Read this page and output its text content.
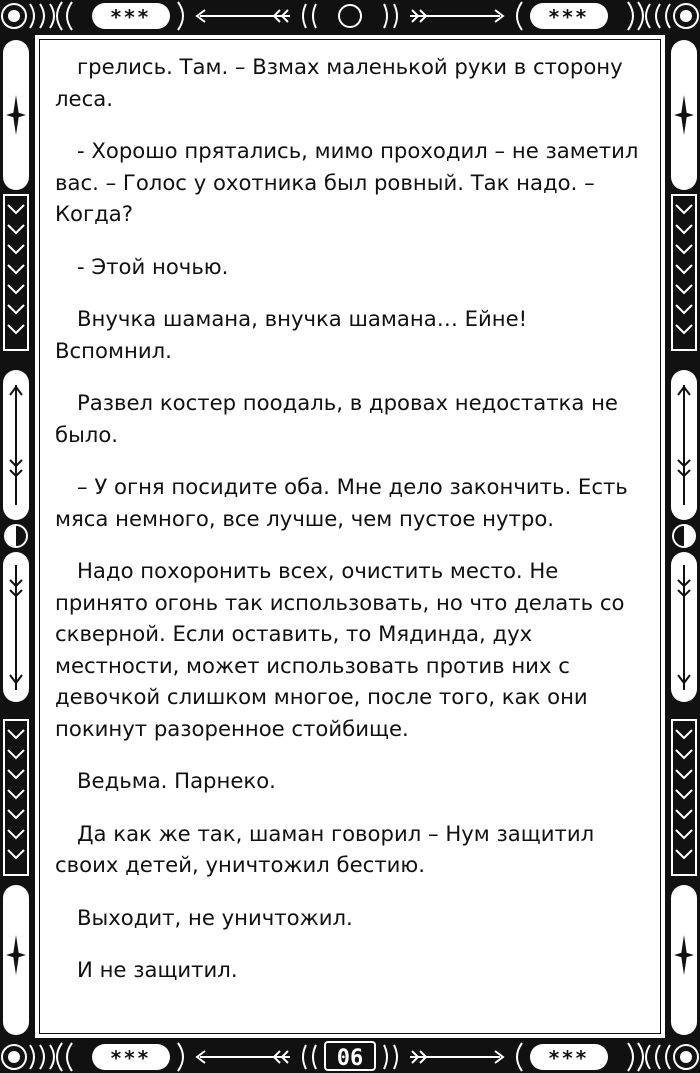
***	***
***	***
06

грелись. Там. – Взмах маленькой руки в сторону леса.

- Хорошо прятались, мимо проходил – не заметил вас. – Голос у охотника был ровный. Так надо. – Когда?

- Этой ночью.

Внучка шамана, внучка шамана… Ейне! Вспомнил.

Развел костер поодаль, в дровах недостатка не было.

– У огня посидите оба. Мне дело закончить. Есть мяса немного, все лучше, чем пустое нутро.

Надо похоронить всех, очистить место. Не принято огонь так использовать, но что делать со скверной. Если оставить, то Мядинда, дух местности, может использовать против них с девочкой слишком многое, после того, как они покинут разоренное стойбище.

Ведьма. Парнеко.

Да как же так, шаман говорил – Нум защитил своих детей, уничтожил бестию.

Выходит, не уничтожил.

И не защитил.
